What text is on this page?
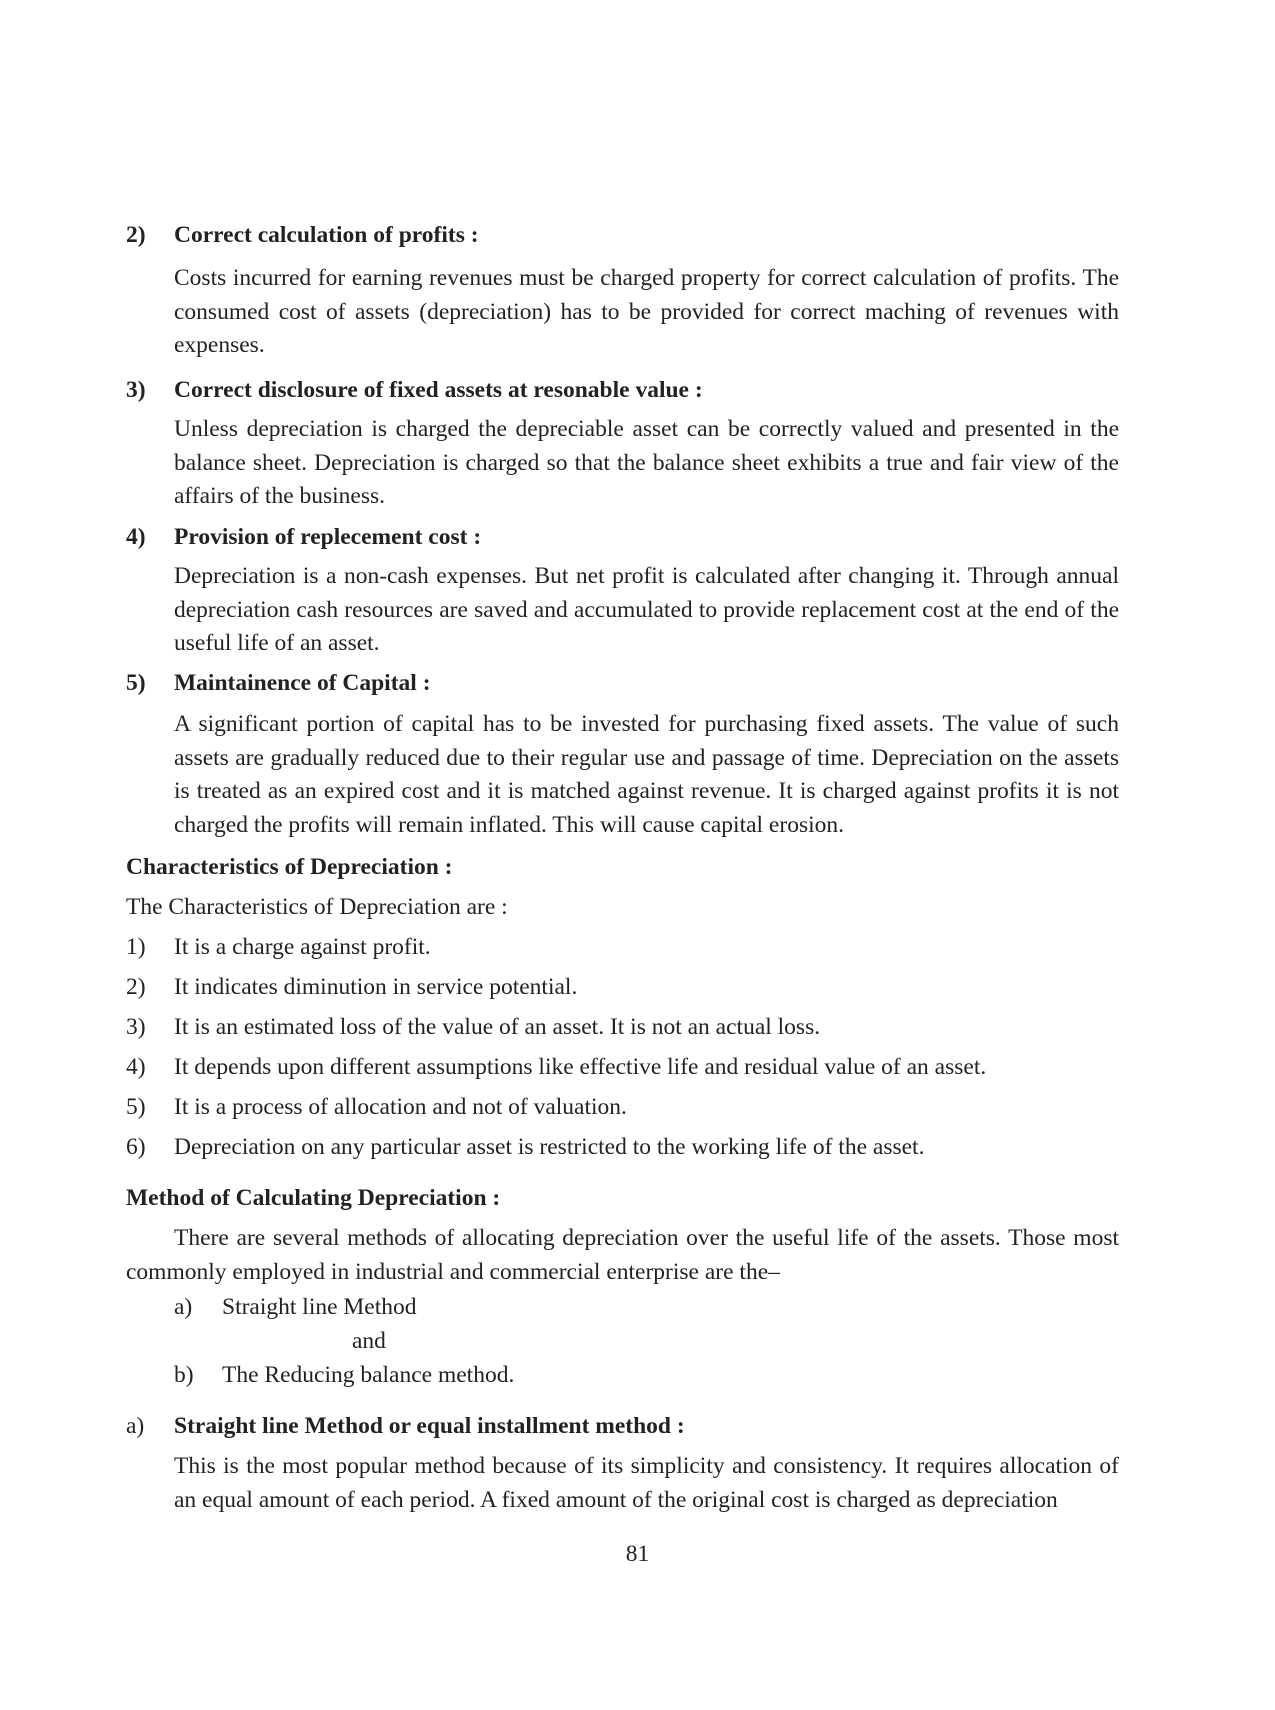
2) Correct calculation of profits :
Costs incurred for earning revenues must be charged property for correct calculation of profits. The consumed cost of assets (depreciation) has to be provided for correct maching of revenues with expenses.
3) Correct disclosure of fixed assets at resonable value :
Unless depreciation is charged the depreciable asset can be correctly valued and presented in the balance sheet. Depreciation is charged so that the balance sheet exhibits a true and fair view of the affairs of the business.
4) Provision of replecement cost :
Depreciation is a non-cash expenses. But net profit is calculated after changing it. Through annual depreciation cash resources are saved and accumulated to provide replacement cost at the end of the useful life of an asset.
5) Maintainence of Capital :
A significant portion of capital has to be invested for purchasing fixed assets. The value of such assets are gradually reduced due to their regular use and passage of time. Depreciation on the assets is treated as an expired cost and it is matched against revenue. It is charged against profits it is not charged the profits will remain inflated. This will cause capital erosion.
Characteristics of Depreciation :
The Characteristics of Depreciation are :
1) It is a charge against profit.
2) It indicates diminution in service potential.
3) It is an estimated loss of the value of an asset. It is not an actual loss.
4) It depends upon different assumptions like effective life and residual value of an asset.
5) It is a process of allocation and not of valuation.
6) Depreciation on any particular asset is restricted to the working life of the asset.
Method of Calculating Depreciation :
There are several methods of allocating depreciation over the useful life of the assets. Those most commonly employed in industrial and commercial enterprise are the–
a) Straight line Method
and
b) The Reducing balance method.
a) Straight line Method or equal installment method :
This is the most popular method because of its simplicity and consistency. It requires allocation of an equal amount of each period. A fixed amount of the original cost is charged as depreciation
81
